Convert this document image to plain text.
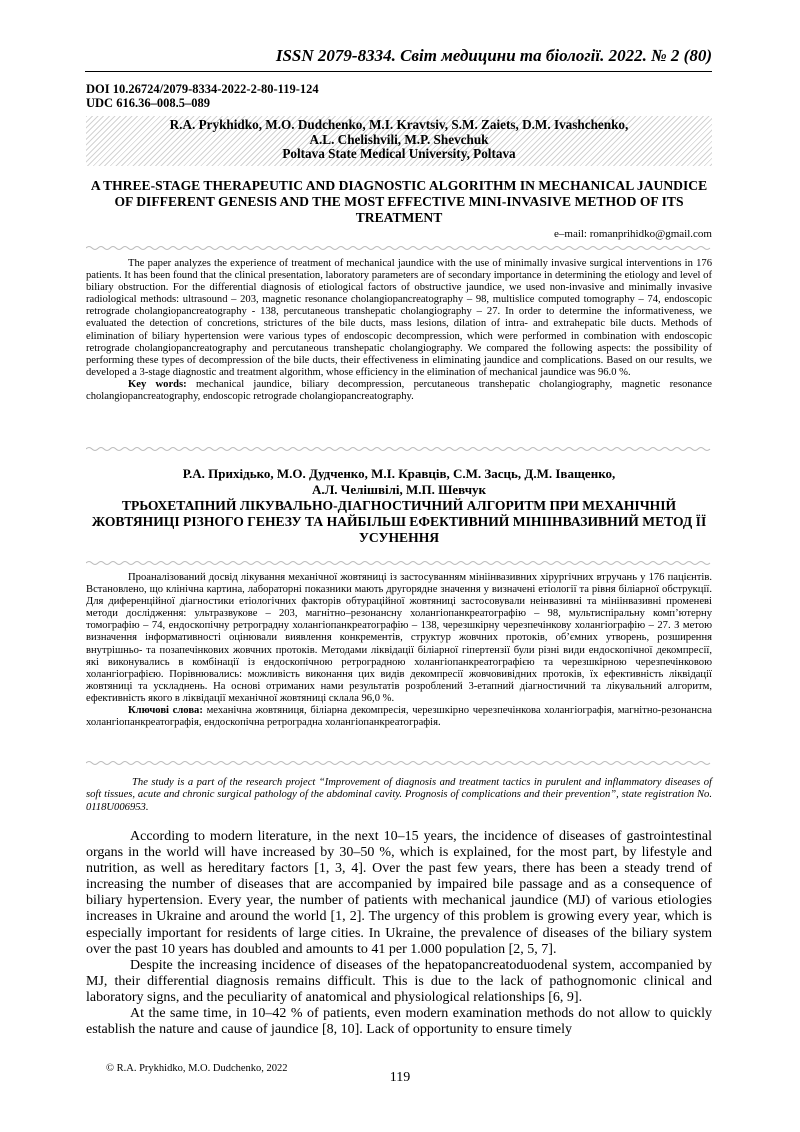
ISSN 2079-8334. Світ медицини та біології. 2022. № 2 (80)
DOI 10.26724/2079-8334-2022-2-80-119-124
UDC 616.36–008.5–089
R.A. Prykhidko, M.O. Dudchenko, M.I. Kravtsiv, S.M. Zaiets, D.M. Ivashchenko,
A.L. Chelishvili, M.P. Shevchuk
Poltava State Medical University, Poltava
A THREE-STAGE THERAPEUTIC AND DIAGNOSTIC ALGORITHM IN MECHANICAL JAUNDICE OF DIFFERENT GENESIS AND THE MOST EFFECTIVE MINI-INVASIVE METHOD OF ITS TREATMENT
e–mail: romanprihidko@gmail.com

The paper analyzes the experience of treatment of mechanical jaundice with the use of minimally invasive surgical interventions in 176 patients. It has been found that the clinical presentation, laboratory parameters are of secondary importance in determining the etiology and level of biliary obstruction. For the differential diagnosis of etiological factors of obstructive jaundice, we used non-invasive and minimally invasive radiological methods: ultrasound – 203, magnetic resonance cholangiopancreatography – 98, multislice computed tomography – 74, endoscopic retrograde cholangiopancreatography - 138, percutaneous transhepatic cholangiography – 27. In order to determine the informativeness, we evaluated the detection of concretions, strictures of the bile ducts, mass lesions, dilation of intra- and extrahepatic bile ducts. Methods of elimination of biliary hypertension were various types of endoscopic decompression, which were performed in combination with endoscopic retrograde cholangiopancreatography and percutaneous transhepatic cholangiography. We compared the following aspects: the possibility of performing these types of decompression of the bile ducts, their effectiveness in eliminating jaundice and complications. Based on our results, we developed a 3-stage diagnostic and treatment algorithm, whose efficiency in the elimination of mechanical jaundice was 96.0 %.

Key words: mechanical jaundice, biliary decompression, percutaneous transhepatic cholangiography, magnetic resonance cholangiopancreatography, endoscopic retrograde cholangiopancreatography.

Р.А. Прихідько, М.О. Дудченко, М.І. Кравців, С.М. Засць, Д.М. Іващенко,
А.Л. Челішвілі, М.П. Шевчук
ТРЬОХЕТАПНИЙ ЛІКУВАЛЬНО-ДІАГНОСТИЧНИЙ АЛГОРИТМ ПРИ МЕХАНІЧНІЙ ЖОВТЯНИЦІ РІЗНОГО ГЕНЕЗУ ТА НАЙБІЛЬШ ЕФЕКТИВНИЙ МІНІІНВАЗИВНИЙ МЕТОД ЇЇ УСУНЕННЯ

Проаналізований досвід лікування механічної жовтяниці із застосуванням мініінвазивних хірургічних втручань у 176 пацієнтів. Встановлено, що клінічна картина, лабораторні показники мають другорядне значення у визначені етіології та рівня біліарної обструкції. Для диференційної діагностики етіологічних факторів обтураційної жовтяниці застосовували неінвазивні та мініінвазивні променеві методи дослідження: ультразвукове – 203, магнітно–резонансну холангіопанкреатографію – 98, мультиспіральну комп’ютерну томографію – 74, ендоскопічну ретроградну холангіопанкреатографію – 138, черезшкірну черезпечінкову холангіографію – 27. З метою визначення інформативності оцінювали виявлення конкрементів, структур жовчних протоків, об’ємних утворень, розширення внутрішньо- та позапечінкових жовчних протоків. Методами ліквідації біліарної гіпертензії були різні види ендоскопічної декомпресії, які виконувались в комбінації із ендоскопічною ретроградною холангіопанкреатографією та черезшкірною черезпечінковою холангіографією. Порівнювались: можливість виконання цих видів декомпресії жовчовивідних протоків, їх ефективність ліквідації жовтяниці та ускладнень. На основі отриманих нами результатів розроблений 3-етапний діагностичний та лікувальний алгоритм, ефективність якого в ліквідації механічної жовтяниці склала 96,0 %.

Ключові слова: механічна жовтяниця, біліарна декомпресія, черезшкірно черезпечінкова холангіографія, магнітно-резонансна холангіопанкреатографія, ендоскопічна ретроградна холангіопанкреатографія.

The study is a part of the research project “Improvement of diagnosis and treatment tactics in purulent and inflammatory diseases of soft tissues, acute and chronic surgical pathology of the abdominal cavity. Prognosis of complications and their prevention”, state registration No. 0118U006953.

According to modern literature, in the next 10–15 years, the incidence of diseases of gastrointestinal organs in the world will have increased by 30–50 %, which is explained, for the most part, by lifestyle and nutrition, as well as hereditary factors [1, 3, 4]. Over the past few years, there has been a steady trend of increasing the number of diseases that are accompanied by impaired bile passage and as a consequence of biliary hypertension. Every year, the number of patients with mechanical jaundice (MJ) of various etiologies increases in Ukraine and around the world [1, 2]. The urgency of this problem is growing every year, which is especially important for residents of large cities. In Ukraine, the prevalence of diseases of the biliary system over the past 10 years has doubled and amounts to 41 per 1.000 population [2, 5, 7].

Despite the increasing incidence of diseases of the hepatopancreatoduodenal system, accompanied by MJ, their differential diagnosis remains difficult. This is due to the lack of pathognomonic clinical and laboratory signs, and the peculiarity of anatomical and physiological relationships [6, 9].

At the same time, in 10–42 % of patients, even modern examination methods do not allow to quickly establish the nature and cause of jaundice [8, 10]. Lack of opportunity to ensure timely

© R.A. Prykhidko, M.O. Dudchenko, 2022
119
